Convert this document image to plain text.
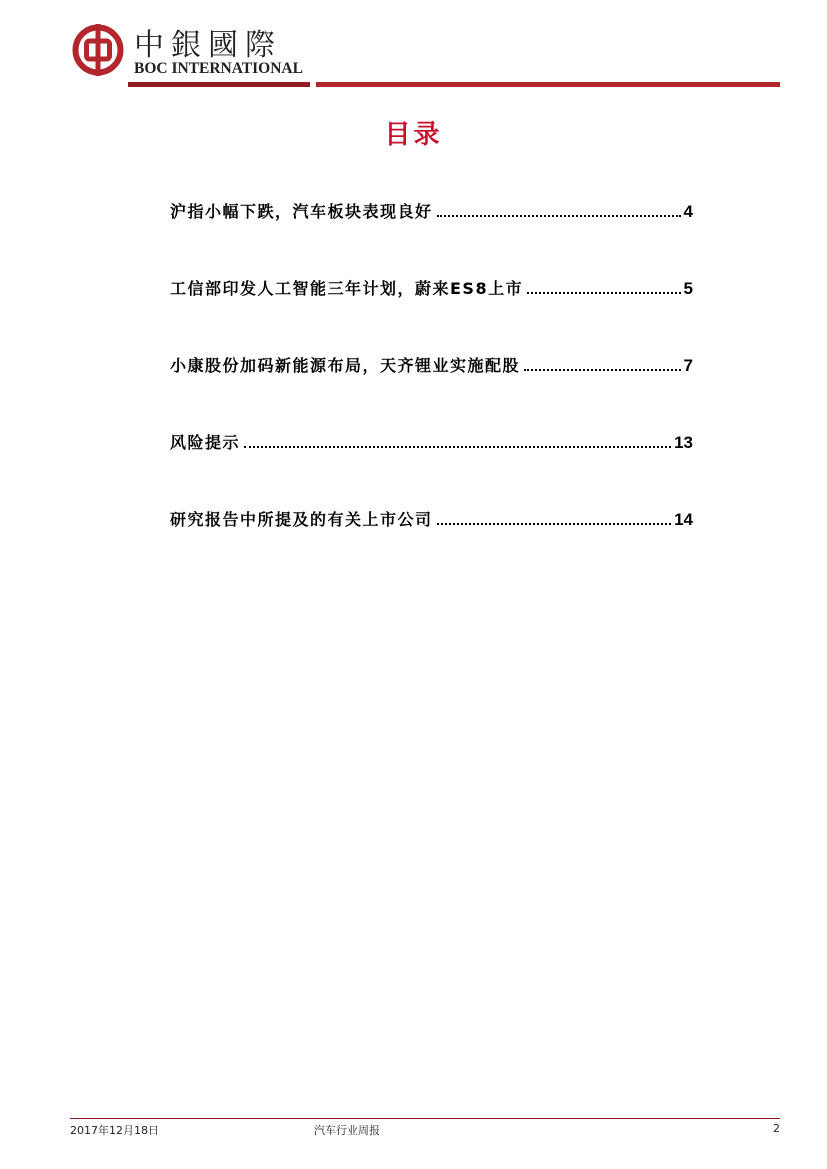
中銀國際
BOC INTERNATIONAL
目录
沪指小幅下跌，汽车板块表现良好	4
工信部印发人工智能三年计划，蔚来ES8上市	5
小康股份加码新能源布局，天齐锂业实施配股	7
风险提示	13
研究报告中所提及的有关上市公司	14
2017年12月18日	汽车行业周报	2
